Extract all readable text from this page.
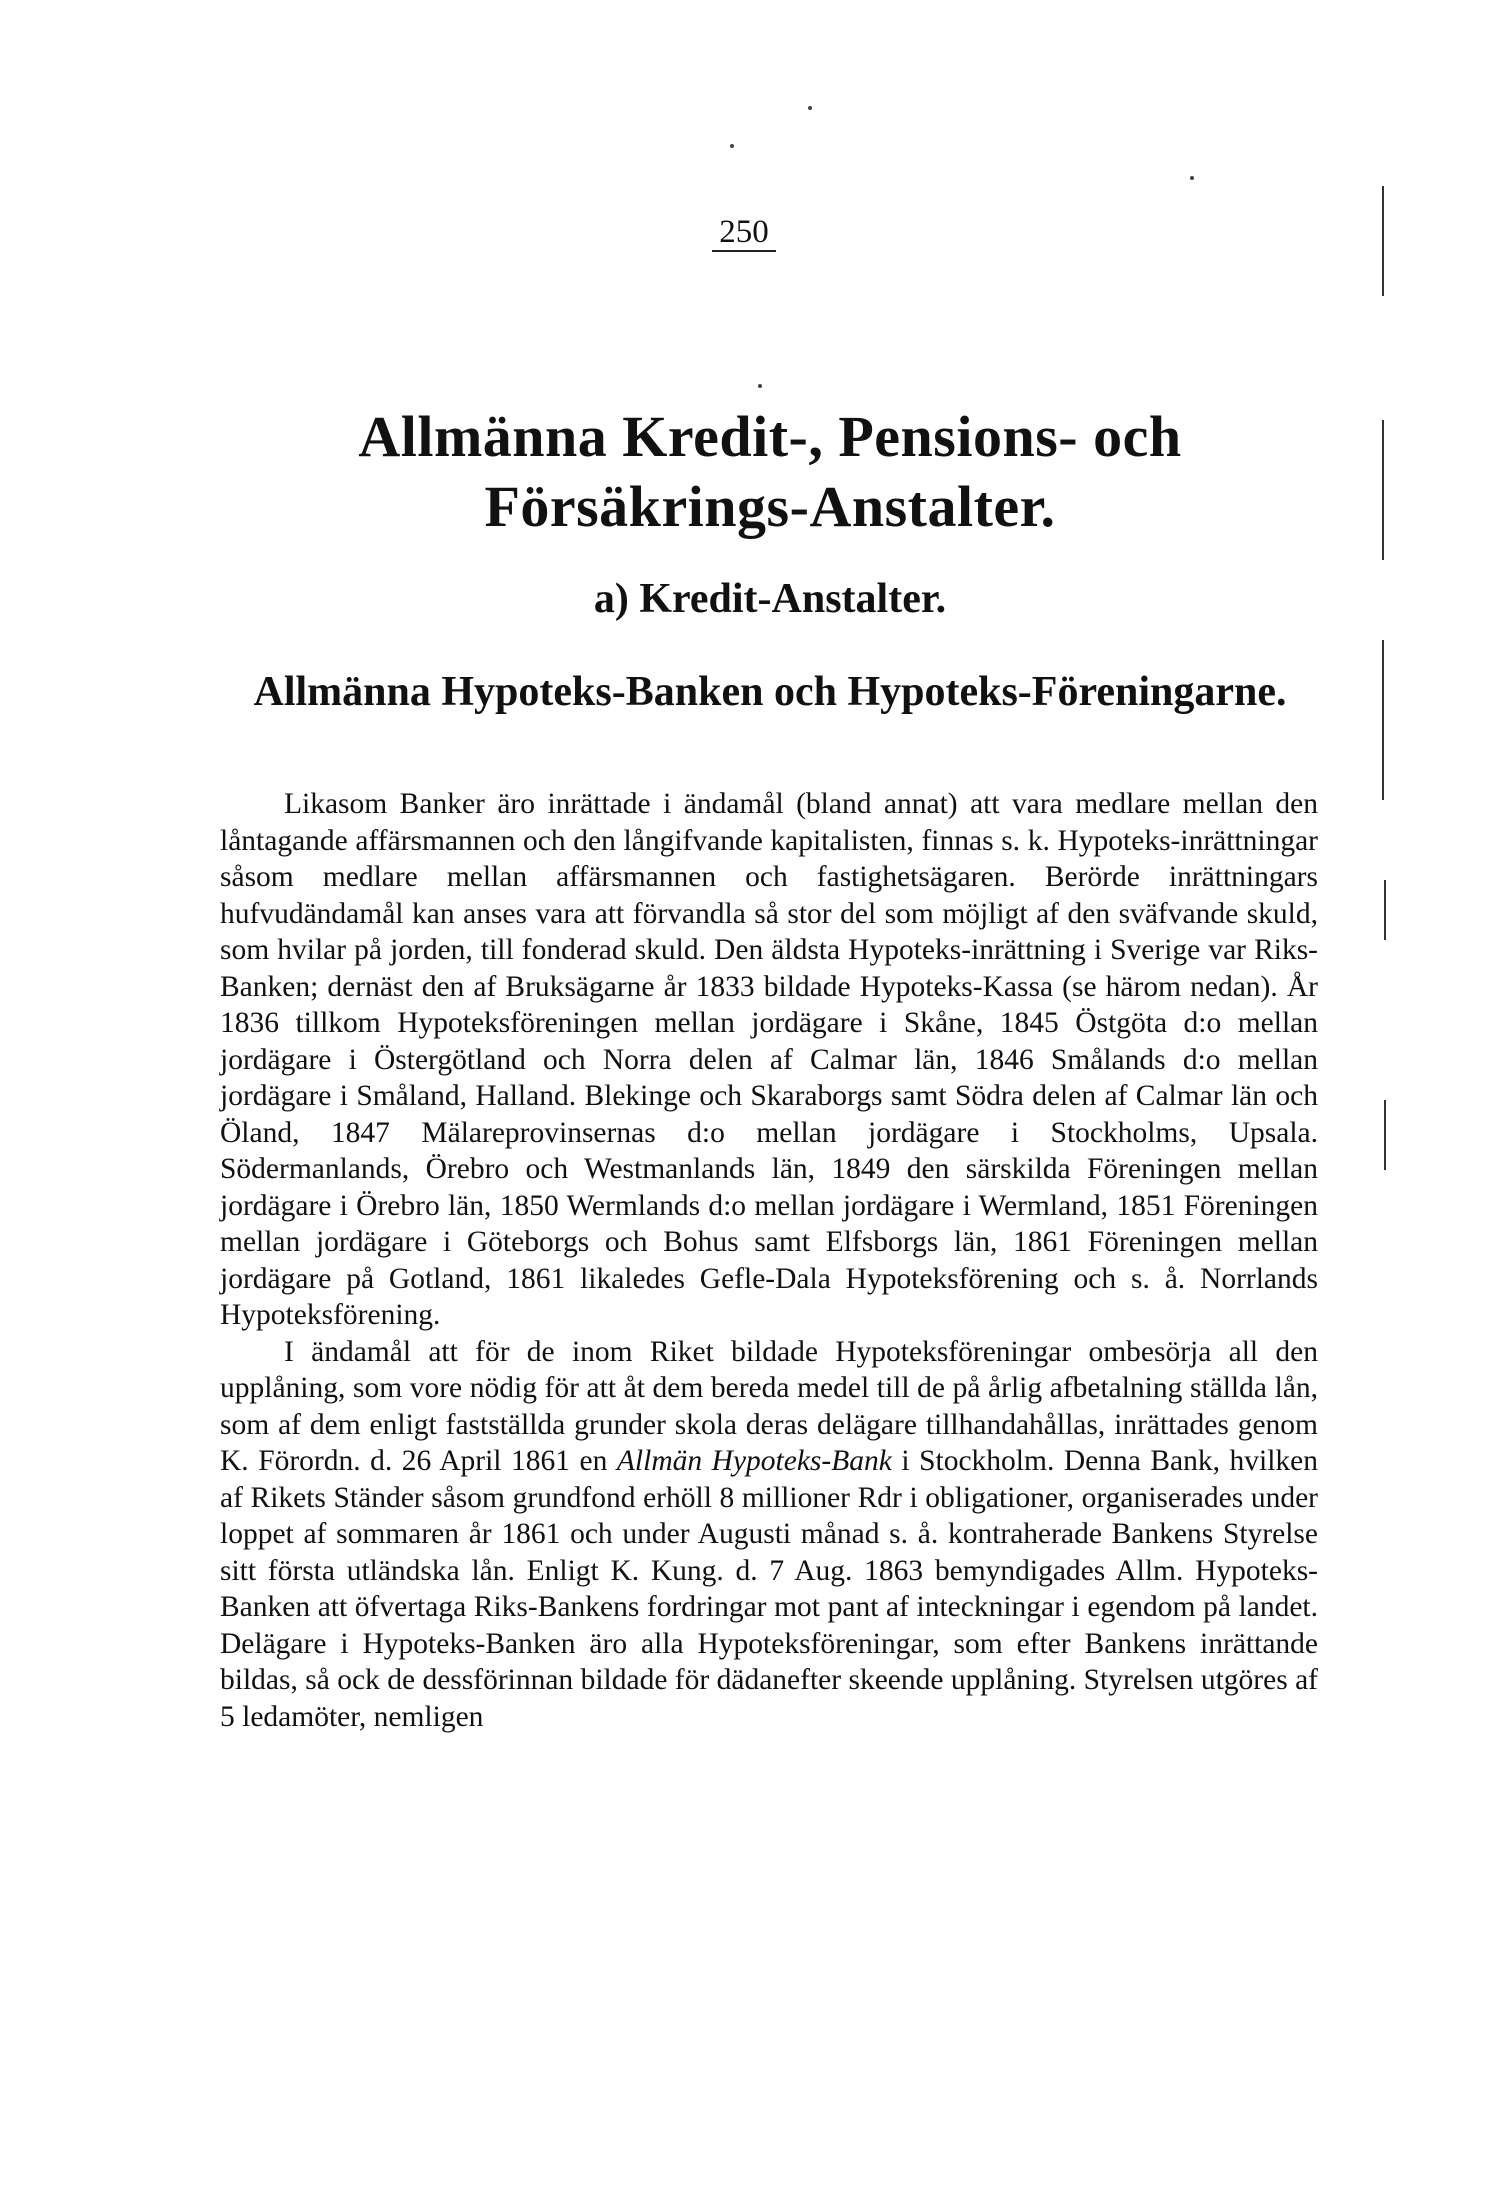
250
Allmänna Kredit-, Pensions- och Försäkrings-Anstalter.
a) Kredit-Anstalter.
Allmänna Hypoteks-Banken och Hypoteks-Föreningarne.

Likasom Banker äro inrättade i ändamål (bland annat) att vara medlare mellan den låntagande affärsmannen och den långifvande kapitalisten, finnas s. k. Hypoteks-inrättningar såsom medlare mellan affärsmannen och fastighetsägaren. Berörde inrättningars hufvudändamål kan anses vara att förvandla så stor del som möjligt af den sväfvande skuld, som hvilar på jorden, till fonderad skuld. Den äldsta Hypoteks-inrättning i Sverige var Riks-Banken; dernäst den af Bruksägarne år 1833 bildade Hypoteks-Kassa (se härom nedan). År 1836 tillkom Hypoteksföreningen mellan jordägare i Skåne, 1845 Östgöta d:o mellan jordägare i Östergötland och Norra delen af Calmar län, 1846 Smålands d:o mellan jordägare i Småland, Halland. Blekinge och Skaraborgs samt Södra delen af Calmar län och Öland, 1847 Mälareprovinsernas d:o mellan jordägare i Stockholms, Upsala. Södermanlands, Örebro och Westmanlands län, 1849 den särskilda Föreningen mellan jordägare i Örebro län, 1850 Wermlands d:o mellan jordägare i Wermland, 1851 Föreningen mellan jordägare i Göteborgs och Bohus samt Elfsborgs län, 1861 Föreningen mellan jordägare på Gotland, 1861 likaledes Gefle-Dala Hypoteksförening och s. å. Norrlands Hypoteksförening.

I ändamål att för de inom Riket bildade Hypoteksföreningar ombesörja all den upplåning, som vore nödig för att åt dem bereda medel till de på årlig afbetalning ställda lån, som af dem enligt fastställda grunder skola deras delägare tillhandahållas, inrättades genom K. Förordn. d. 26 April 1861 en Allmän Hypoteks-Bank i Stockholm. Denna Bank, hvilken af Rikets Ständer såsom grundfond erhöll 8 millioner Rdr i obligationer, organiserades under loppet af sommaren år 1861 och under Augusti månad s. å. kontraherade Bankens Styrelse sitt första utländska lån. Enligt K. Kung. d. 7 Aug. 1863 bemyndigades Allm. Hypoteks-Banken att öfvertaga Riks-Bankens fordringar mot pant af inteckningar i egendom på landet. Delägare i Hypoteks-Banken äro alla Hypoteksföreningar, som efter Bankens inrättande bildas, så ock de dessförinnan bildade för dädanefter skeende upplåning. Styrelsen utgöres af 5 ledamöter, nemligen
